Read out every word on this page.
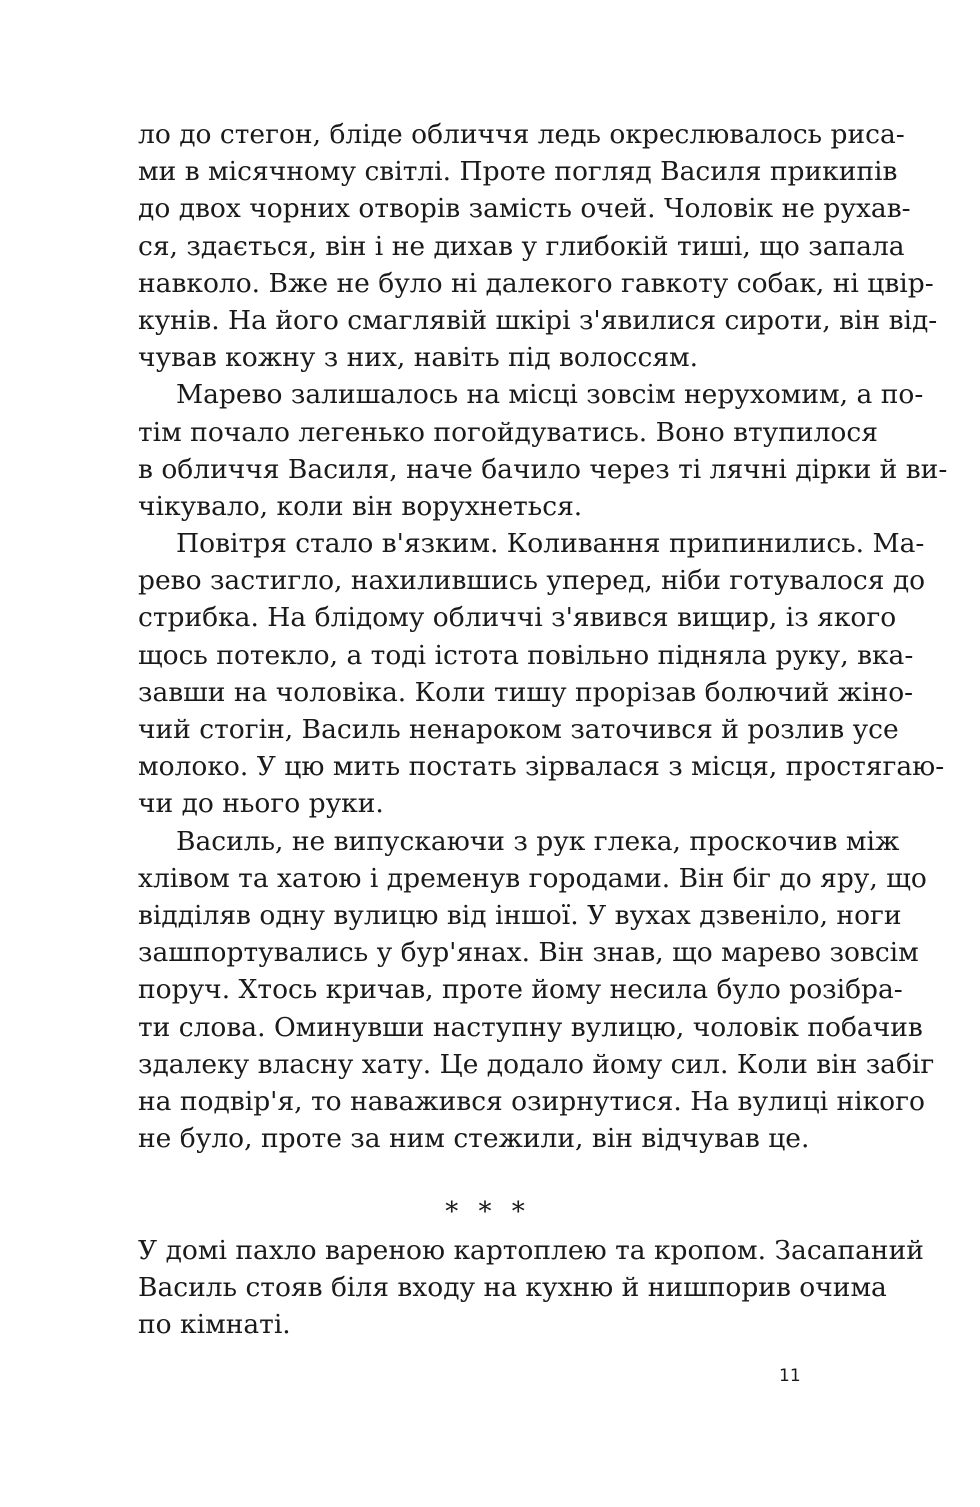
ло до стегон, бліде обличчя ледь окреслювалось риса-
ми в місячному світлі. Проте погляд Василя прикипів
до двох чорних отворів замість очей. Чоловік не рухав-
ся, здається, він і не дихав у глибокій тиші, що запала
навколо. Вже не було ні далекого гавкоту собак, ні цвір-
кунів. На його смаглявій шкірі з'явилися сироти, він від-
чував кожну з них, навіть під волоссям.
Марево залишалось на місці зовсім нерухомим, а по-
тім почало легенько погойдуватись. Воно втупилося
в обличчя Василя, наче бачило через ті лячні дірки й ви-
чікувало, коли він ворухнеться.
Повітря стало в'язким. Коливання припинились. Ма-
рево застигло, нахилившись уперед, ніби готувалося до
стрибка. На блідому обличчі з'явився вищир, із якого
щось потекло, а тоді істота повільно підняла руку, вка-
завши на чоловіка. Коли тишу прорізав болючий жіно-
чий стогін, Василь ненароком заточився й розлив усе
молоко. У цю мить постать зірвалася з місця, простягаю-
чи до нього руки.
Василь, не випускаючи з рук глека, проскочив між
хлівом та хатою і дременув городами. Він біг до яру, що
відділяв одну вулицю від іншої. У вухах дзвеніло, ноги
зашпортувались у бур'янах. Він знав, що марево зовсім
поруч. Хтось кричав, проте йому несила було розібра-
ти слова. Оминувши наступну вулицю, чоловік побачив
здалеку власну хату. Це додало йому сил. Коли він забіг
на подвір'я, то наважився озирнутися. На вулиці нікого
не було, проте за ним стежили, він відчував це.
* * *
У домі пахло вареною картоплею та кропом. Засапаний
Василь стояв біля входу на кухню й нишпорив очима
по кімнаті.
11
